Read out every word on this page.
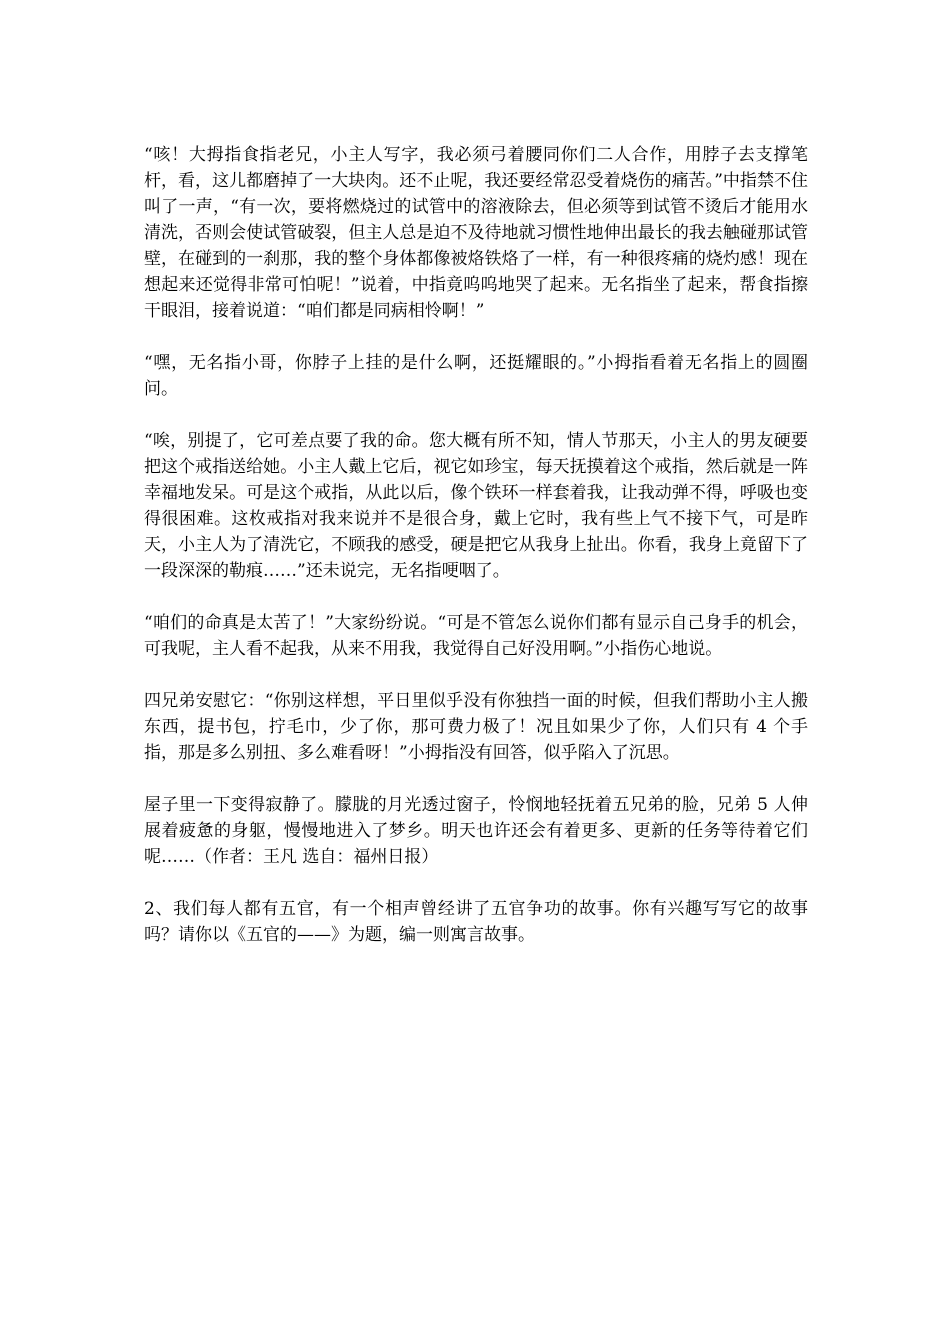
“咳！大拇指食指老兄，小主人写字，我必须弓着腰同你们二人合作，用脖子去支撑笔杆，看，这儿都磨掉了一大块肉。还不止呢，我还要经常忍受着烧伤的痛苦。”中指禁不住叫了一声，“有一次，要将燃烧过的试管中的溶液除去，但必须等到试管不烫后才能用水清洗，否则会使试管破裂，但主人总是迫不及待地就习惯性地伸出最长的我去触碰那试管壁，在碰到的一刹那，我的整个身体都像被烙铁烙了一样，有一种很疼痛的烧灼感！现在想起来还觉得非常可怕呢！”说着，中指竟呜呜地哭了起来。无名指坐了起来，帮食指擦干眼泪，接着说道：“咱们都是同病相怜啊！”

“嘿，无名指小哥，你脖子上挂的是什么啊，还挺耀眼的。”小拇指看着无名指上的圆圈问。

“唉，别提了，它可差点要了我的命。您大概有所不知，情人节那天，小主人的男友硬要把这个戒指送给她。小主人戴上它后，视它如珍宝，每天抚摸着这个戒指，然后就是一阵幸福地发呆。可是这个戒指，从此以后，像个铁环一样套着我，让我动弹不得，呼吸也变得很困难。这枚戒指对我来说并不是很合身，戴上它时，我有些上气不接下气，可是昨天，小主人为了清洗它，不顾我的感受，硬是把它从我身上扯出。你看，我身上竟留下了一段深深的勒痕……”还未说完，无名指哽咽了。

“咱们的命真是太苦了！”大家纷纷说。“可是不管怎么说你们都有显示自己身手的机会，可我呢，主人看不起我，从来不用我，我觉得自己好没用啊。”小指伤心地说。

四兄弟安慰它：“你别这样想，平日里似乎没有你独挡一面的时候，但我们帮助小主人搬东西，提书包，拧毛巾，少了你，那可费力极了！况且如果少了你，人们只有 4 个手指，那是多么别扭、多么难看呀！”小拇指没有回答，似乎陷入了沉思。

屋子里一下变得寂静了。朦胧的月光透过窗子，怜悯地轻抚着五兄弟的脸，兄弟 5 人伸展着疲惫的身躯，慢慢地进入了梦乡。明天也许还会有着更多、更新的任务等待着它们呢……（作者：王凡 选自：福州日报）

2、我们每人都有五官，有一个相声曾经讲了五官争功的故事。你有兴趣写写它的故事吗？请你以《五官的——》为题，编一则寓言故事。
